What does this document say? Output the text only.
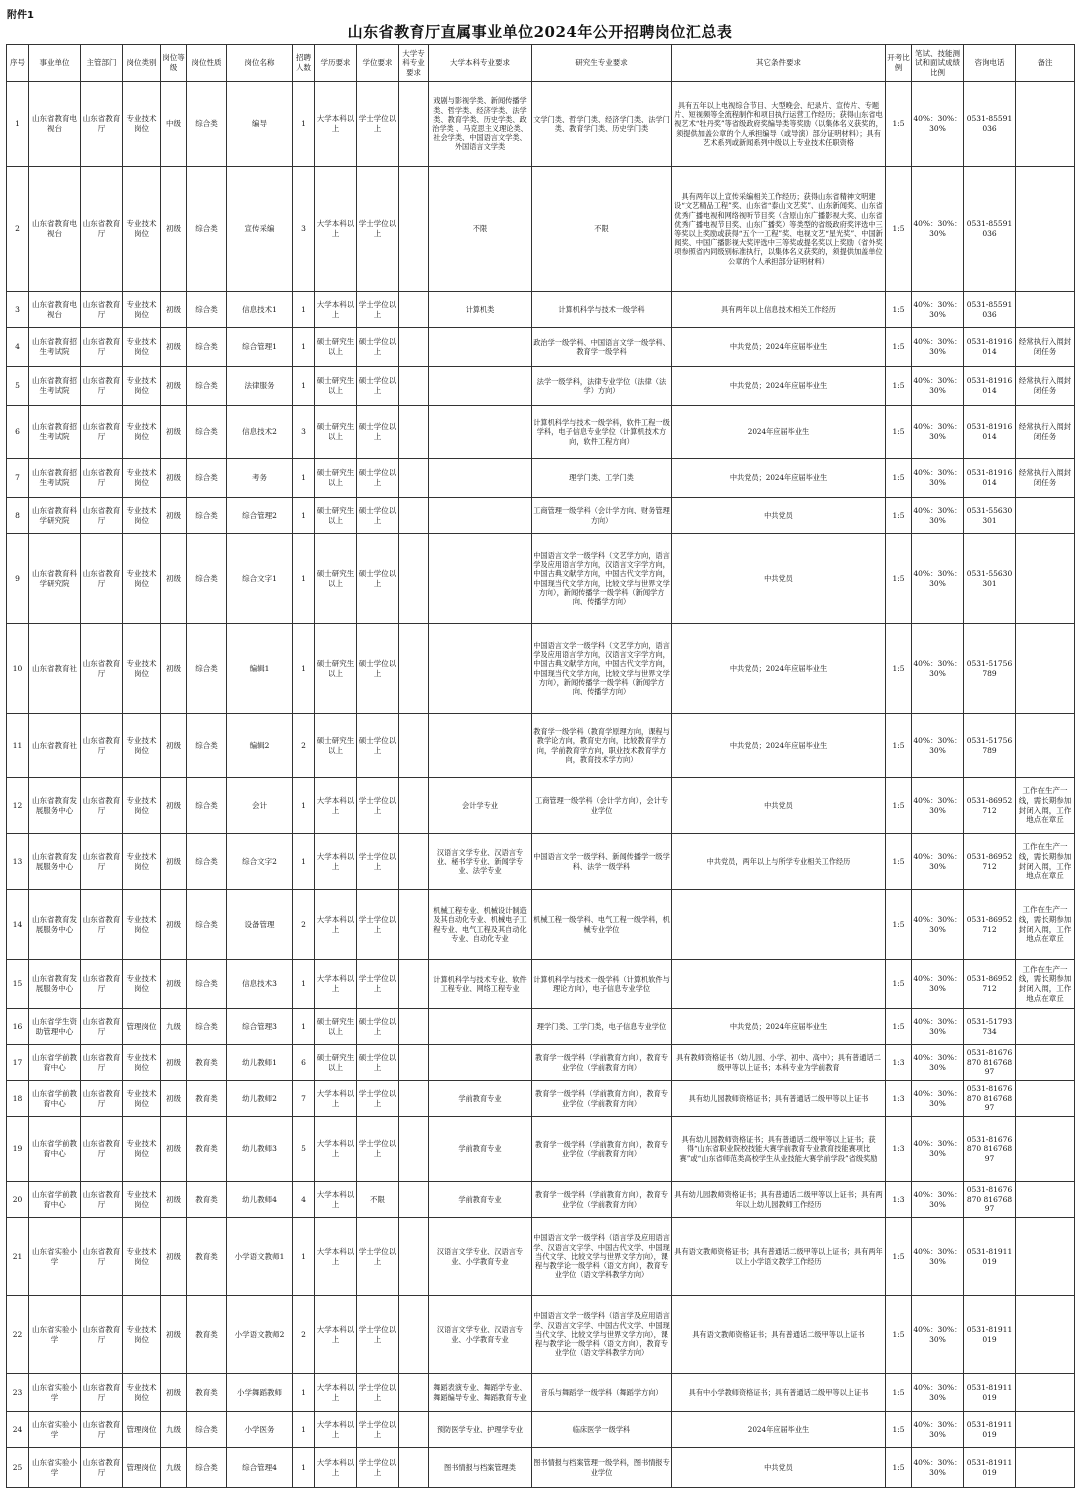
附件1
山东省教育厅直属事业单位2024年公开招聘岗位汇总表
序号	事业单位	主管部门	岗位类别	岗位等级	岗位性质	岗位名称	招聘人数	学历要求	学位要求	大学专科专业要求	大学本科专业要求	研究生专业要求	其它条件要求	开考比例	笔试、技能测试和面试成绩比例	咨询电话	备注
1	山东省教育电视台	山东省教育厅	专业技术岗位	中级	综合类	编导	1	大学本科以上	学士学位以上		戏剧与影视学类、新闻传播学类、哲学类、经济学类、法学类、教育学类、历史学类、政治学类 、马克思主义理论类、社会学类、中国语言文学类、外国语言文学类	文学门类、哲学门类、经济学门类、法学门类、教育学门类、历史学门类	具有五年以上电视综合节目、大型晚会、纪录片、宣传片、专题片、短视频等全流程制作和项目执行运营工作经历；获得山东省电视艺术“牡丹奖”等省级政府奖编导类等奖励（以集体名义获奖的，须提供加盖公章的个人承担编导（或导演）部分证明材料）；具有艺术系列或新闻系列中级以上专业技术任职资格	1:5	40%：30%：30%	0531-85591036	
2	山东省教育电视台	山东省教育厅	专业技术岗位	初级	综合类	宣传采编	3	大学本科以上	学士学位以上		不限	不限	具有两年以上宣传采编相关工作经历；获得山东省精神文明建设“文艺精品工程”奖、山东省“泰山文艺奖”、山东新闻奖、山东省优秀广播电视和网络视听节目奖（含原山东广播影视大奖、山东省优秀广播电视节目奖、山东广播奖）等类型的省级政府奖评选中三等奖以上奖励或获得“五个一工程”奖、电视文艺“星光奖”、中国新闻奖、中国广播影视大奖评选中三等奖或提名奖以上奖励（省外奖项参照省内同级别标准执行，以集体名义获奖的，须提供加盖单位公章的个人承担部分证明材料）	1:5	40%：30%：30%	0531-85591036	
3	山东省教育电视台	山东省教育厅	专业技术岗位	初级	综合类	信息技术1	1	大学本科以上	学士学位以上		计算机类	计算机科学与技术一级学科	具有两年以上信息技术相关工作经历	1:5	40%：30%：30%	0531-85591036	
4	山东省教育招生考试院	山东省教育厅	专业技术岗位	初级	综合类	综合管理1	1	硕士研究生以上	硕士学位以上			政治学一级学科、中国语言文学一级学科、教育学一级学科	中共党员；2024年应届毕业生	1:5	40%：30%：30%	0531-81916014	经常执行入闱封闭任务
5	山东省教育招生考试院	山东省教育厅	专业技术岗位	初级	综合类	法律服务	1	硕士研究生以上	硕士学位以上			法学一级学科，法律专业学位（法律（法学）方向）	中共党员；2024年应届毕业生	1:5	40%：30%：30%	0531-81916014	经常执行入闱封闭任务
6	山东省教育招生考试院	山东省教育厅	专业技术岗位	初级	综合类	信息技术2	3	硕士研究生以上	硕士学位以上			计算机科学与技术一级学科，软件工程一级学科，电子信息专业学位（计算机技术方向，软件工程方向）	2024年应届毕业生	1:5	40%：30%：30%	0531-81916014	经常执行入闱封闭任务
7	山东省教育招生考试院	山东省教育厅	专业技术岗位	初级	综合类	考务	1	硕士研究生以上	硕士学位以上			理学门类、工学门类	中共党员；2024年应届毕业生	1:5	40%：30%：30%	0531-81916014	经常执行入闱封闭任务
8	山东省教育科学研究院	山东省教育厅	专业技术岗位	初级	综合类	综合管理2	1	硕士研究生以上	硕士学位以上			工商管理一级学科（会计学方向、财务管理方向）	中共党员	1:5	40%：30%：30%	0531-55630301	
9	山东省教育科学研究院	山东省教育厅	专业技术岗位	初级	综合类	综合文字1	1	硕士研究生以上	硕士学位以上			中国语言文学一级学科（文艺学方向，语言学及应用语言学方向，汉语言文字学方向，中国古典文献学方向，中国古代文学方向，中国现当代文学方向，比较文学与世界文学方向），新闻传播学一级学科（新闻学方向、传播学方向）	中共党员	1:5	40%：30%：30%	0531-55630301	
10	山东省教育社	山东省教育厅	专业技术岗位	初级	综合类	编辑1	1	硕士研究生以上	硕士学位以上			中国语言文学一级学科（文艺学方向，语言学及应用语言学方向，汉语言文字学方向，中国古典文献学方向，中国古代文学方向，中国现当代文学方向，比较文学与世界文学方向），新闻传播学一级学科（新闻学方向、传播学方向）	中共党员；2024年应届毕业生	1:5	40%：30%：30%	0531-51756789	
11	山东省教育社	山东省教育厅	专业技术岗位	初级	综合类	编辑2	2	硕士研究生以上	硕士学位以上			教育学一级学科（教育学原理方向，课程与教学论方向，教育史方向，比较教育学方向，学前教育学方向，职业技术教育学方向，教育技术学方向）	中共党员；2024年应届毕业生	1:5	40%：30%：30%	0531-51756789	
12	山东省教育发展服务中心	山东省教育厅	专业技术岗位	初级	综合类	会计	1	大学本科以上	学士学位以上		会计学专业	工商管理一级学科（会计学方向），会计专业学位	中共党员	1:5	40%：30%：30%	0531-86952712	工作在生产一线，需长期参加封闭入闱，工作地点在章丘
13	山东省教育发展服务中心	山东省教育厅	专业技术岗位	初级	综合类	综合文字2	1	大学本科以上	学士学位以上		汉语言文学专业、汉语言专业、秘书学专业、新闻学专业、法学专业	中国语言文学一级学科、新闻传播学一级学科、法学一级学科	中共党员，两年以上与所学专业相关工作经历	1:5	40%：30%：30%	0531-86952712	工作在生产一线，需长期参加封闭入闱，工作地点在章丘
14	山东省教育发展服务中心	山东省教育厅	专业技术岗位	初级	综合类	设备管理	2	大学本科以上	学士学位以上		机械工程专业、机械设计制造及其自动化专业、机械电子工程专业、电气工程及其自动化专业、自动化专业	机械工程一级学科、电气工程一级学科，机械专业学位		1:5	40%：30%：30%	0531-86952712	工作在生产一线，需长期参加封闭入闱，工作地点在章丘
15	山东省教育发展服务中心	山东省教育厅	专业技术岗位	初级	综合类	信息技术3	1	大学本科以上	学士学位以上		计算机科学与技术专业、软件工程专业、网络工程专业	计算机科学与技术一级学科（计算机软件与理论方向），电子信息专业学位		1:5	40%：30%：30%	0531-86952712	工作在生产一线，需长期参加封闭入闱，工作地点在章丘
16	山东省学生资助管理中心	山东省教育厅	管理岗位	九级	综合类	综合管理3	1	硕士研究生以上	硕士学位以上			理学门类、工学门类，电子信息专业学位	中共党员；2024年应届毕业生	1:5	40%：30%：30%	0531-51793734	
17	山东省学前教育中心	山东省教育厅	专业技术岗位	初级	教育类	幼儿教师1	6	硕士研究生以上	硕士学位以上			教育学一级学科（学前教育方向），教育专业学位（学前教育方向）	具有教师资格证书（幼儿园、小学、初中、高中）；具有普通话二级甲等以上证书；本科专业为学前教育	1:3	40%：30%：30%	0531-81676870 81676897	
18	山东省学前教育中心	山东省教育厅	专业技术岗位	初级	教育类	幼儿教师2	7	大学本科以上	学士学位以上		学前教育专业	教育学一级学科（学前教育方向），教育专业学位（学前教育方向）	具有幼儿园教师资格证书；具有普通话二级甲等以上证书	1:3	40%：30%：30%	0531-81676870 81676897	
19	山东省学前教育中心	山东省教育厅	专业技术岗位	初级	教育类	幼儿教师3	5	大学本科以上	学士学位以上		学前教育专业	教育学一级学科（学前教育方向），教育专业学位（学前教育方向）	具有幼儿园教师资格证书；具有普通话二级甲等以上证书；获得“山东省职业院校技能大赛学前教育专业教育技能赛项比赛”或“山东省师范类高校学生从业技能大赛学前学段”省级奖励	1:3	40%：30%：30%	0531-81676870 81676897	
20	山东省学前教育中心	山东省教育厅	专业技术岗位	初级	教育类	幼儿教师4	4	大学本科以上	不限		学前教育专业	教育学一级学科（学前教育方向），教育专业学位（学前教育方向）	具有幼儿园教师资格证书；具有普通话二级甲等以上证书；具有两年以上幼儿园教师工作经历	1:3	40%：30%：30%	0531-81676870 81676897	
21	山东省实验小学	山东省教育厅	专业技术岗位	初级	教育类	小学语文教师1	1	大学本科以上	学士学位以上		汉语言文学专业、汉语言专业、小学教育专业	中国语言文学一级学科（语言学及应用语言学、汉语言文字学、中国古代文学、中国现当代文学、比较文学与世界文学方向），课程与教学论一级学科（语文方向），教育专业学位（语文学科教学方向）	具有语文教师资格证书；具有普通话二级甲等以上证书；具有两年以上小学语文教学工作经历	1:5	40%：30%：30%	0531-81911019	
22	山东省实验小学	山东省教育厅	专业技术岗位	初级	教育类	小学语文教师2	2	大学本科以上	学士学位以上		汉语言文学专业、汉语言专业、小学教育专业	中国语言文学一级学科（语言学及应用语言学、汉语言文字学、中国古代文学、中国现当代文学、比较文学与世界文学方向），课程与教学论一级学科（语文方向），教育专业学位（语文学科教学方向）	具有语文教师资格证书；具有普通话二级甲等以上证书	1:5	40%：30%：30%	0531-81911019	
23	山东省实验小学	山东省教育厅	专业技术岗位	初级	教育类	小学舞蹈教师	1	大学本科以上	学士学位以上		舞蹈表演专业、舞蹈学专业、舞蹈编导专业、舞蹈教育专业	音乐与舞蹈学一级学科（舞蹈学方向）	具有中小学教师资格证书；具有普通话二级甲等以上证书	1:5	40%：30%：30%	0531-81911019	
24	山东省实验小学	山东省教育厅	管理岗位	九级	综合类	小学医务	1	大学本科以上	学士学位以上		预防医学专业、护理学专业	临床医学一级学科	2024年应届毕业生	1:5	40%：30%：30%	0531-81911019	
25	山东省实验小学	山东省教育厅	管理岗位	九级	综合类	综合管理4	1	大学本科以上	学士学位以上		图书情报与档案管理类	图书情报与档案管理一级学科，图书情报专业学位	中共党员	1:5	40%：30%：30%	0531-81911019	
